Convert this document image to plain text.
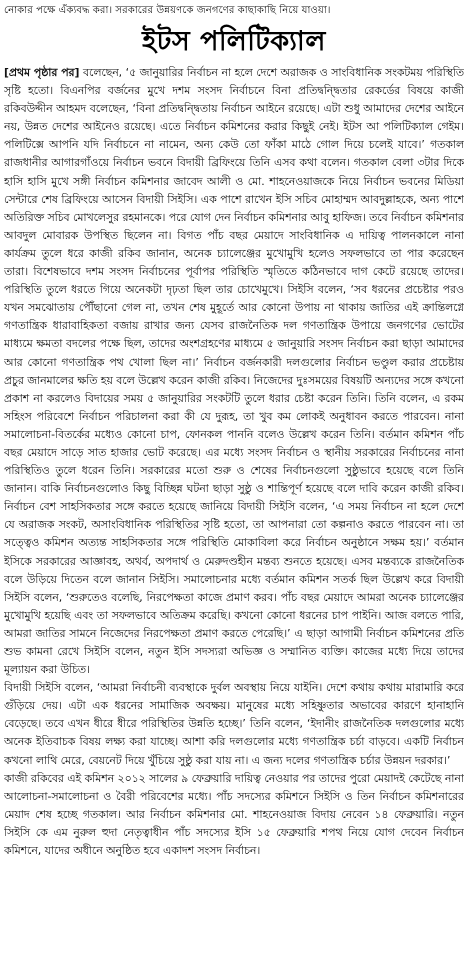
নোকার পক্ষে এঁক্যবদ্ধ করা। সরকারের উন্নয়ণকে জনগণের কাছাকাছি নিয়ে যাওয়া।
ইটস পলিটিক্যাল

[প্রথম পৃষ্ঠার পর] বলেছেন, ‘৫ জানুয়ারির নির্বাচন না হলে দেশে অরাজক ও সাংবিধানিক সংকটময় পরিস্থিতি সৃষ্টি হতো। বিএনপির বর্জনের মুখে দশম সংসদ নির্বাচনে বিনা প্রতিদ্বন্দ্বিতার রেকর্ডের বিষয়ে কাজী রকিবউদ্দীন আহমদ বলেছেন, ‘বিনা প্রতিদ্বন্দ্বিতায় নির্বাচন আইনে রয়েছে। এটা শুধু আমাদের দেশের আইনে নয়, উন্নত দেশের আইনেও রয়েছে। এতে নির্বাচন কমিশনের করার কিছুই নেই। ইটস আ পলিটিক্যাল গেইম। পলিটিক্সে আপনি যদি নির্বাচনে না নামেন, অন্য কেউ তো ফাঁকা মাঠে গোল দিয়ে চলেই যাবে।’ গতকাল রাজধানীর আগারগাঁওয়ে নির্বাচন ভবনে বিদায়ী ব্রিফিংয়ে তিনি এসব কথা বলেন। গতকাল বেলা ৩টার দিকে হাসি হাসি মুখে সঙ্গী নির্বাচন কমিশনার জাবেদ আলী ও মো. শাহনেওয়াজকে নিয়ে নির্বাচন ভবনের মিডিয়া সেন্টারে শেষ ব্রিফিংয়ে আসেন বিদায়ী সিইসি। এক পাশে রাখেন ইসি সচিব মোহাম্মদ আবদুল্লাহকে, অন্য পাশে অতিরিক্ত সচিব মোখলেসুর রহমানকে। পরে যোগ দেন নির্বাচন কমিশনার আবু হাফিজ। তবে নির্বাচন কমিশনার আবদুল মোবারক উপস্থিত ছিলেন না। বিগত পাঁচ বছর মেয়াদে সাংবিধানিক এ দায়িত্ব পালনকালে নানা কার্যক্রম তুলে ধরে কাজী রকিব জানান, অনেক চ্যালেঞ্জের মুখোমুখি হলেও সফলভাবে তা পার করেছেন তারা। বিশেষভাবে দশম সংসদ নির্বাচনের পূর্বাপর পরিস্থিতি স্মৃতিতে কঠিনভাবে দাগ কেটে রয়েছে তাদের। পরিস্থিতি তুলে ধরতে গিয়ে অনেকটা দৃঢ়তা ছিল তার চোখেমুখে। সিইসি বলেন, ‘সব ধরনের প্রচেষ্টার পরও যখন সমঝোতায় পৌঁছানো গেল না, তখন শেষ মুহূর্তে আর কোনো উপায় না থাকায় জাতির এই ক্রান্তিলগ্নে গণতান্ত্রিক ধারাবাহিকতা বজায় রাখার জন্য যেসব রাজনৈতিক দল গণতান্ত্রিক উপায়ে জনগণের ভোটের মাধ্যমে ক্ষমতা বদলের পক্ষে ছিল, তাদের অংশগ্রহণের মাধ্যমে ৫ জানুয়ারি সংসদ নির্বাচন করা ছাড়া আমাদের আর কোনো গণতান্ত্রিক পথ খোলা ছিল না।’ নির্বাচন বর্জনকারী দলগুলোর নির্বাচন ভণ্ডুল করার প্রচেষ্টায় প্রচুর জানমালের ক্ষতি হয় বলে উল্লেখ করেন কাজী রকিব। নিজেদের দুঃসময়ের বিষয়টি অন্যদের সঙ্গে কখনো প্রকাশ না করলেও বিদায়ের সময় ৫ জানুয়ারির সংকটটি তুলে ধরার চেষ্টা করেন তিনি। তিনি বলেন, এ রকম সহিংস পরিবেশে নির্বাচন পরিচালনা করা কী যে দুরূহ, তা খুব কম লোকই অনুধাবন করতে পারবেন। নানা সমালোচনা-বিতর্কের মধ্যেও কোনো চাপ, ফোনকল পাননি বলেও উল্লেখ করেন তিনি। বর্তমান কমিশন পাঁচ বছর মেয়াদে সাড়ে সাত হাজার ভোট করেছে। এর মধ্যে সংসদ নির্বাচন ও স্থানীয় সরকারের নির্বাচনের নানা পরিস্থিতিও তুলে ধরেন তিনি। সরকারের মতো শুরু ও শেষের নির্বাচনগুলো সুষ্ঠুভাবে হয়েছে বলে তিনি জানান। বাকি নির্বাচনগুলোও কিছু বিচ্ছিন্ন ঘটনা ছাড়া সুষ্ঠু ও শান্তিপূর্ণ হয়েছে বলে দাবি করেন কাজী রকিব। নির্বাচন বেশ সাহসিকতার সঙ্গে করতে হয়েছে জানিয়ে বিদায়ী সিইসি বলেন, ‘এ সময় নির্বাচন না হলে দেশে যে অরাজক সংকট, অসাংবিধানিক পরিস্থিতির সৃষ্টি হতো, তা আপনারা তো কল্পনাও করতে পারবেন না। তা সত্ত্বেও কমিশন অত্যন্ত সাহসিকতার সঙ্গে পরিস্থিতি মোকাবিলা করে নির্বাচন অনুষ্ঠানে সক্ষম হয়।’ বর্তমান ইসিকে সরকারের আজ্ঞাবহ, অথর্ব, অপদার্থ ও মেরুদণ্ডহীন মন্তব্য শুনতে হয়েছে। এসব মন্তব্যকে রাজনৈতিক বলে উড়িয়ে দিতেন বলে জানান সিইসি। সমালোচনার মধ্যে বর্তমান কমিশন সতর্ক ছিল উল্লেখ করে বিদায়ী সিইসি বলেন, ‘শুরুতেও বলেছি, নিরপেক্ষতা কাজে প্রমাণ করব। পাঁচ বছর মেয়াদে আমরা অনেক চ্যালেঞ্জের মুখোমুখি হয়েছি এবং তা সফলভাবে অতিক্রম করেছি। কখনো কোনো ধরনের চাপ পাইনি। আজ বলতে পারি, আমরা জাতির সামনে নিজেদের নিরপেক্ষতা প্রমাণ করতে পেরেছি।’ এ ছাড়া আগামী নির্বাচন কমিশনের প্রতি শুভ কামনা রেখে সিইসি বলেন, নতুন ইসি সদস্যরা অভিজ্ঞ ও সম্মানিত ব্যক্তি। কাজের মধ্যে দিয়ে তাদের মূল্যায়ন করা উচিত।

বিদায়ী সিইসি বলেন, ‘আমরা নির্বাচনী ব্যবস্থাকে দুর্বল অবস্থায় নিয়ে যাইনি। দেশে কথায় কথায় মারামারি করে গুঁড়িয়ে দেয়। এটা এক ধরনের সামাজিক অবক্ষয়। মানুষের মধ্যে সহিষ্ণুতার অভাবের কারণে হানাহানি বেড়েছে। তবে এখন ধীরে ধীরে পরিস্থিতির উন্নতি হচ্ছে।’ তিনি বলেন, ‘ইদানীং রাজনৈতিক দলগুলোর মধ্যে অনেক ইতিবাচক বিষয় লক্ষ্য করা যাচ্ছে। আশা করি দলগুলোর মধ্যে গণতান্ত্রিক চর্চা বাড়বে। একটি নির্বাচন কখনো লাথি মেরে, বেয়নেট দিয়ে খুঁচিয়ে সুষ্ঠু করা যায় না। এ জন্য দলের গণতান্ত্রিক চর্চার উন্নয়ন দরকার।’

কাজী রকিবের এই কমিশন ২০১২ সালের ৯ ফেব্রুয়ারি দায়িত্ব নেওয়ার পর তাদের পুরো মেয়াদই কেটেছে নানা আলোচনা-সমালোচনা ও বৈরী পরিবেশের মধ্যে। পাঁচ সদস্যের কমিশনে সিইসি ও তিন নির্বাচন কমিশনারের মেয়াদ শেষ হচ্ছে গতকাল। আর নির্বাচন কমিশনার মো. শাহনেওয়াজ বিদায় নেবেন ১৪ ফেব্রুয়ারি। নতুন সিইসি কে এম নুরুল হুদা নেতৃত্বাধীন পাঁচ সদস্যের ইসি ১৫ ফেব্রুয়ারি শপথ নিয়ে যোগ দেবেন নির্বাচন কমিশনে, যাদের অধীনে অনুষ্ঠিত হবে একাদশ সংসদ নির্বাচন।
